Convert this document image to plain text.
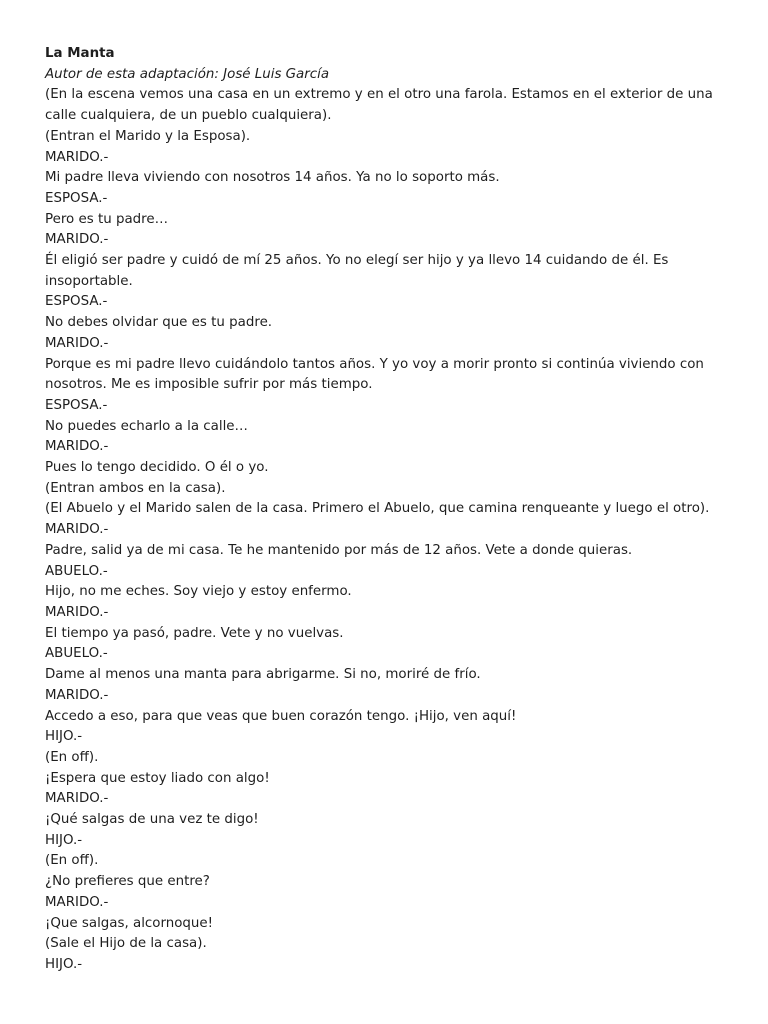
La Manta

Autor de esta adaptación: José Luis García

(En la escena vemos una casa en un extremo y en el otro una farola. Estamos en el exterior de una calle cualquiera, de un pueblo cualquiera).

(Entran el Marido y la Esposa).

MARIDO.-

Mi padre lleva viviendo con nosotros 14 años. Ya no lo soporto más.

ESPOSA.-

Pero es tu padre…

MARIDO.-

Él eligió ser padre y cuidó de mí 25 años. Yo no elegí ser hijo y ya llevo 14 cuidando de él. Es insoportable.

ESPOSA.-

No debes olvidar que es tu padre.

MARIDO.-

Porque es mi padre llevo cuidándolo tantos años. Y yo voy a morir pronto si continúa viviendo con nosotros. Me es imposible sufrir por más tiempo.

ESPOSA.-

No puedes echarlo a la calle…

MARIDO.-

Pues lo tengo decidido. O él o yo.

(Entran ambos en la casa).

(El Abuelo y el Marido salen de la casa. Primero el Abuelo, que camina renqueante y luego el otro).

MARIDO.-

Padre, salid ya de mi casa. Te he mantenido por más de 12 años. Vete a donde quieras.

ABUELO.-

Hijo, no me eches. Soy viejo y estoy enfermo.

MARIDO.-

El tiempo ya pasó, padre. Vete y no vuelvas.

ABUELO.-

Dame al menos una manta para abrigarme. Si no, moriré de frío.

MARIDO.-

Accedo a eso, para que veas que buen corazón tengo. ¡Hijo, ven aquí!

HIJO.-

(En off).

¡Espera que estoy liado con algo!

MARIDO.-

¡Qué salgas de una vez te digo!

HIJO.-

(En off).

¿No prefieres que entre?

MARIDO.-

¡Que salgas, alcornoque!

(Sale el Hijo de la casa).

HIJO.-
